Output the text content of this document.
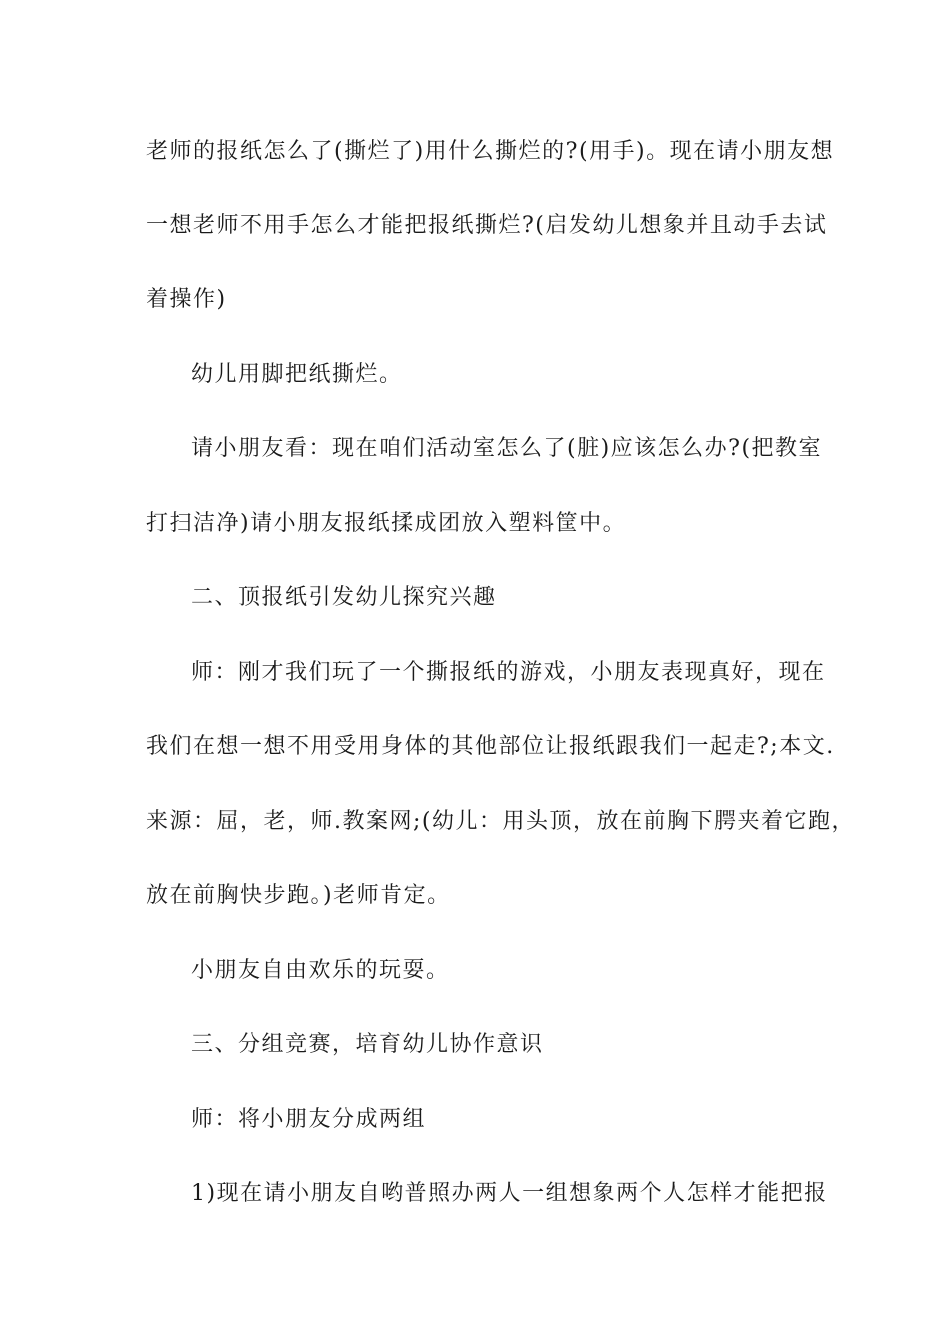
老师的报纸怎么了(撕烂了)用什么撕烂的?(用手)。现在请小朋友想
一想老师不用手怎么才能把报纸撕烂?(启发幼儿想象并且动手去试
着操作)
幼儿用脚把纸撕烂。
请小朋友看：现在咱们活动室怎么了(脏)应该怎么办?(把教室
打扫洁净)请小朋友报纸揉成团放入塑料筐中。
二、顶报纸引发幼儿探究兴趣
师：刚才我们玩了一个撕报纸的游戏，小朋友表现真好，现在
我们在想一想不用受用身体的其他部位让报纸跟我们一起走?;本文.
来源：屈，老，师.教案网;(幼儿：用头顶，放在前胸下腭夹着它跑，
放在前胸快步跑。)老师肯定。
小朋友自由欢乐的玩耍。
三、分组竞赛，培育幼儿协作意识
师：将小朋友分成两组
1)现在请小朋友自哟普照办两人一组想象两个人怎样才能把报
